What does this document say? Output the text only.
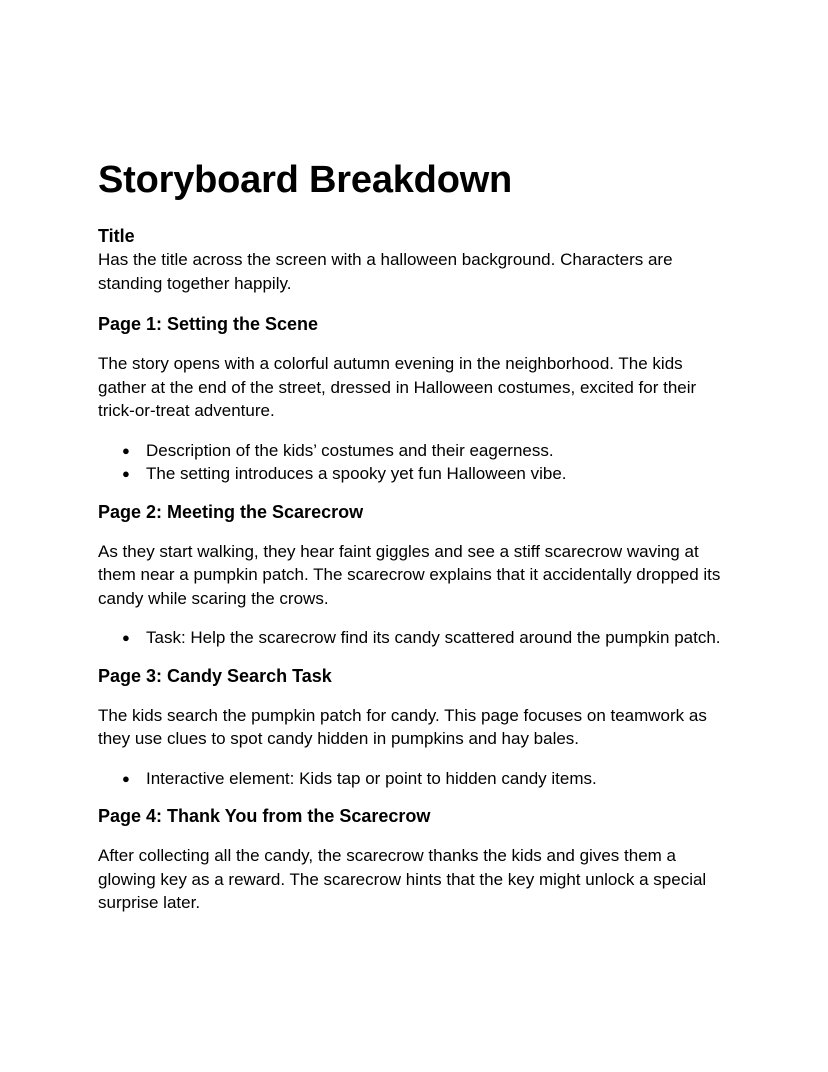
Storyboard Breakdown
Title

Has the title across the screen with a halloween background. Characters are standing together happily.

Page 1: Setting the Scene

The story opens with a colorful autumn evening in the neighborhood. The kids gather at the end of the street, dressed in Halloween costumes, excited for their trick-or-treat adventure.

● Description of the kids’ costumes and their eagerness.
● The setting introduces a spooky yet fun Halloween vibe.
Page 2: Meeting the Scarecrow

As they start walking, they hear faint giggles and see a stiff scarecrow waving at them near a pumpkin patch. The scarecrow explains that it accidentally dropped its candy while scaring the crows.

● Task: Help the scarecrow find its candy scattered around the pumpkin patch.
Page 3: Candy Search Task

The kids search the pumpkin patch for candy. This page focuses on teamwork as they use clues to spot candy hidden in pumpkins and hay bales.

● Interactive element: Kids tap or point to hidden candy items.
Page 4: Thank You from the Scarecrow

After collecting all the candy, the scarecrow thanks the kids and gives them a glowing key as a reward. The scarecrow hints that the key might unlock a special surprise later.
